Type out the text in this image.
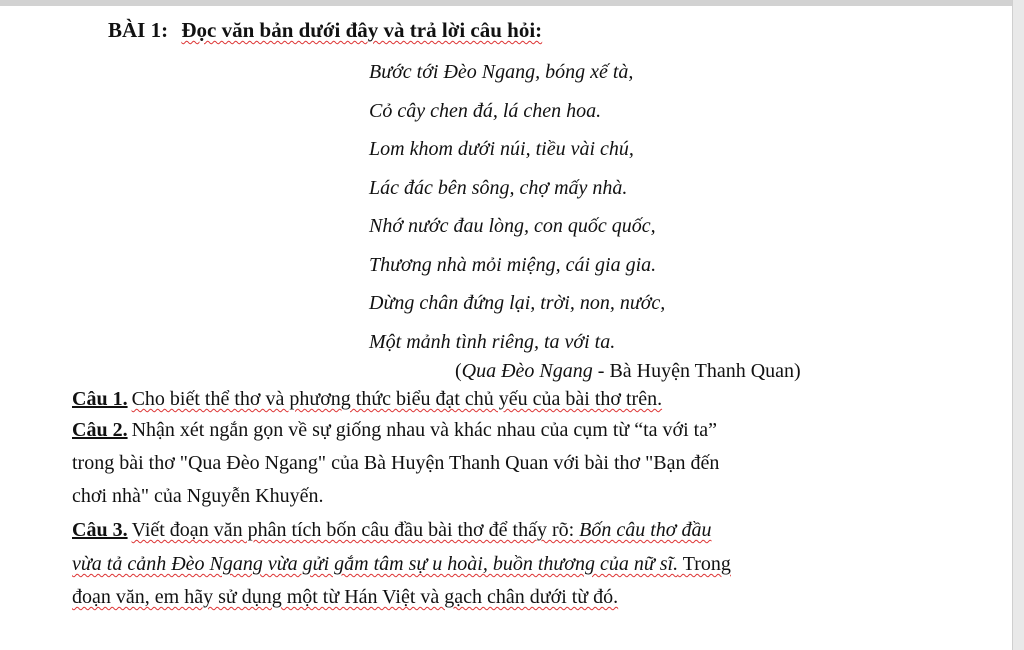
BÀI 1: Đọc văn bản dưới đây và trả lời câu hỏi:
Bước tới Đèo Ngang, bóng xế tà,
Cỏ cây chen đá, lá chen hoa.
Lom khom dưới núi, tiều vài chú,
Lác đác bên sông, chợ mấy nhà.
Nhớ nước đau lòng, con quốc quốc,
Thương nhà mỏi miệng, cái gia gia.
Dừng chân đứng lại, trời, non, nước,
Một mảnh tình riêng, ta với ta.
(Qua Đèo Ngang - Bà Huyện Thanh Quan)
Câu 1. Cho biết thể thơ và phương thức biểu đạt chủ yếu của bài thơ trên.
Câu 2. Nhận xét ngắn gọn về sự giống nhau và khác nhau của cụm từ “ta với ta”
trong bài thơ "Qua Đèo Ngang" của Bà Huyện Thanh Quan với bài thơ "Bạn đến
chơi nhà" của Nguyễn Khuyến.
Câu 3. Viết đoạn văn phân tích bốn câu đầu bài thơ để thấy rõ: Bốn câu thơ đầu
vừa tả cảnh Đèo Ngang vừa gửi gắm tâm sự u hoài, buồn thương của nữ sĩ. Trong
đoạn văn, em hãy sử dụng một từ Hán Việt và gạch chân dưới từ đó.
